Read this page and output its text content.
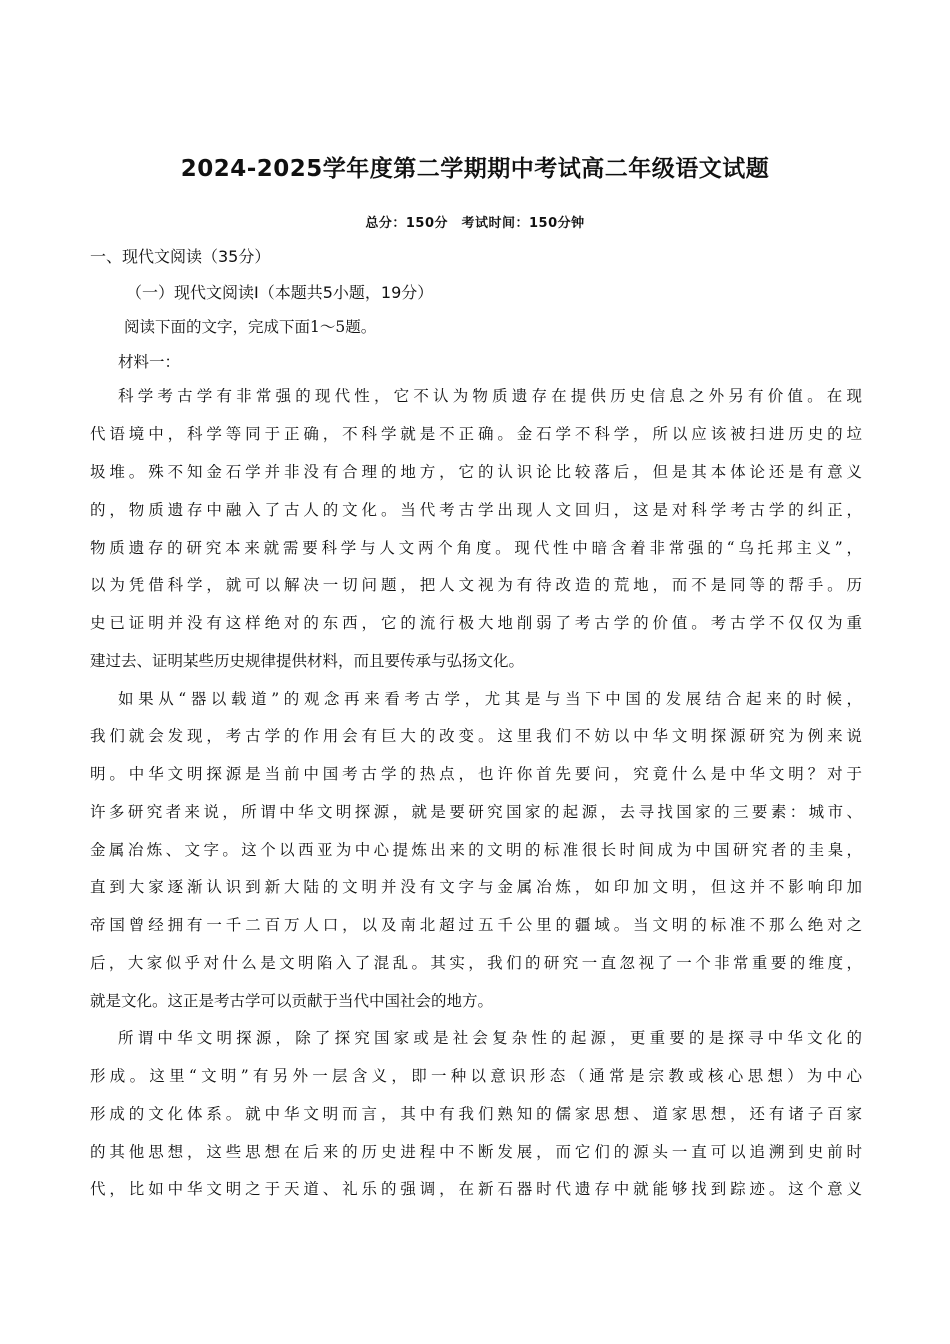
2024-2025学年度第二学期期中考试高二年级语文试题
总分：150分　考试时间：150分钟
一、现代文阅读（35分）
（一）现代文阅读Ⅰ（本题共5小题，19分）
阅读下面的文字，完成下面1～5题。
材料一：
科学考古学有非常强的现代性，它不认为物质遗存在提供历史信息之外另有价值。在现
代语境中，科学等同于正确，不科学就是不正确。金石学不科学，所以应该被扫进历史的垃
圾堆。殊不知金石学并非没有合理的地方，它的认识论比较落后，但是其本体论还是有意义
的，物质遗存中融入了古人的文化。当代考古学出现人文回归，这是对科学考古学的纠正，
物质遗存的研究本来就需要科学与人文两个角度。现代性中暗含着非常强的“乌托邦主义”，
以为凭借科学，就可以解决一切问题，把人文视为有待改造的荒地，而不是同等的帮手。历
史已证明并没有这样绝对的东西，它的流行极大地削弱了考古学的价值。考古学不仅仅为重
建过去、证明某些历史规律提供材料，而且要传承与弘扬文化。
如果从“器以载道”的观念再来看考古学，尤其是与当下中国的发展结合起来的时候，
我们就会发现，考古学的作用会有巨大的改变。这里我们不妨以中华文明探源研究为例来说
明。中华文明探源是当前中国考古学的热点，也许你首先要问，究竟什么是中华文明？对于
许多研究者来说，所谓中华文明探源，就是要研究国家的起源，去寻找国家的三要素：城市、
金属冶炼、文字。这个以西亚为中心提炼出来的文明的标准很长时间成为中国研究者的圭臬，
直到大家逐渐认识到新大陆的文明并没有文字与金属冶炼，如印加文明，但这并不影响印加
帝国曾经拥有一千二百万人口，以及南北超过五千公里的疆域。当文明的标准不那么绝对之
后，大家似乎对什么是文明陷入了混乱。其实，我们的研究一直忽视了一个非常重要的维度，
就是文化。这正是考古学可以贡献于当代中国社会的地方。
所谓中华文明探源，除了探究国家或是社会复杂性的起源，更重要的是探寻中华文化的
形成。这里“文明”有另外一层含义，即一种以意识形态（通常是宗教或核心思想）为中心
形成的文化体系。就中华文明而言，其中有我们熟知的儒家思想、道家思想，还有诸子百家
的其他思想，这些思想在后来的历史进程中不断发展，而它们的源头一直可以追溯到史前时
代，比如中华文明之于天道、礼乐的强调，在新石器时代遗存中就能够找到踪迹。这个意义
